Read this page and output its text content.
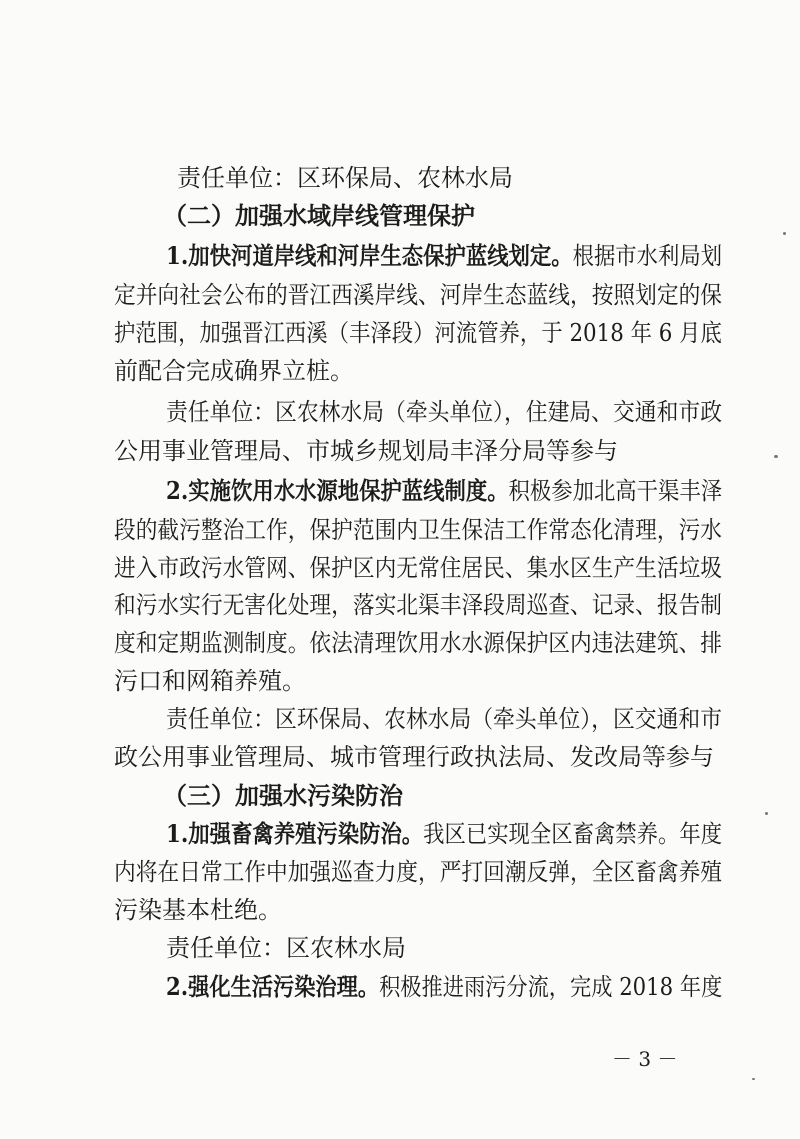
责任单位：区环保局、农林水局
（二）加强水域岸线管理保护
1.加快河道岸线和河岸生态保护蓝线划定。根据市水利局划
定并向社会公布的晋江西溪岸线、河岸生态蓝线，按照划定的保
护范围，加强晋江西溪（丰泽段）河流管养，于 2018 年 6 月底
前配合完成确界立桩。
责任单位：区农林水局（牵头单位），住建局、交通和市政
公用事业管理局、市城乡规划局丰泽分局等参与
2.实施饮用水水源地保护蓝线制度。积极参加北高干渠丰泽
段的截污整治工作，保护范围内卫生保洁工作常态化清理，污水
进入市政污水管网、保护区内无常住居民、集水区生产生活垃圾
和污水实行无害化处理，落实北渠丰泽段周巡查、记录、报告制
度和定期监测制度。依法清理饮用水水源保护区内违法建筑、排
污口和网箱养殖。
责任单位：区环保局、农林水局（牵头单位），区交通和市
政公用事业管理局、城市管理行政执法局、发改局等参与
（三）加强水污染防治
1.加强畜禽养殖污染防治。我区已实现全区畜禽禁养。年度
内将在日常工作中加强巡查力度，严打回潮反弹，全区畜禽养殖
污染基本杜绝。
责任单位：区农林水局
2.强化生活污染治理。积极推进雨污分流，完成 2018 年度
－ 3 －
